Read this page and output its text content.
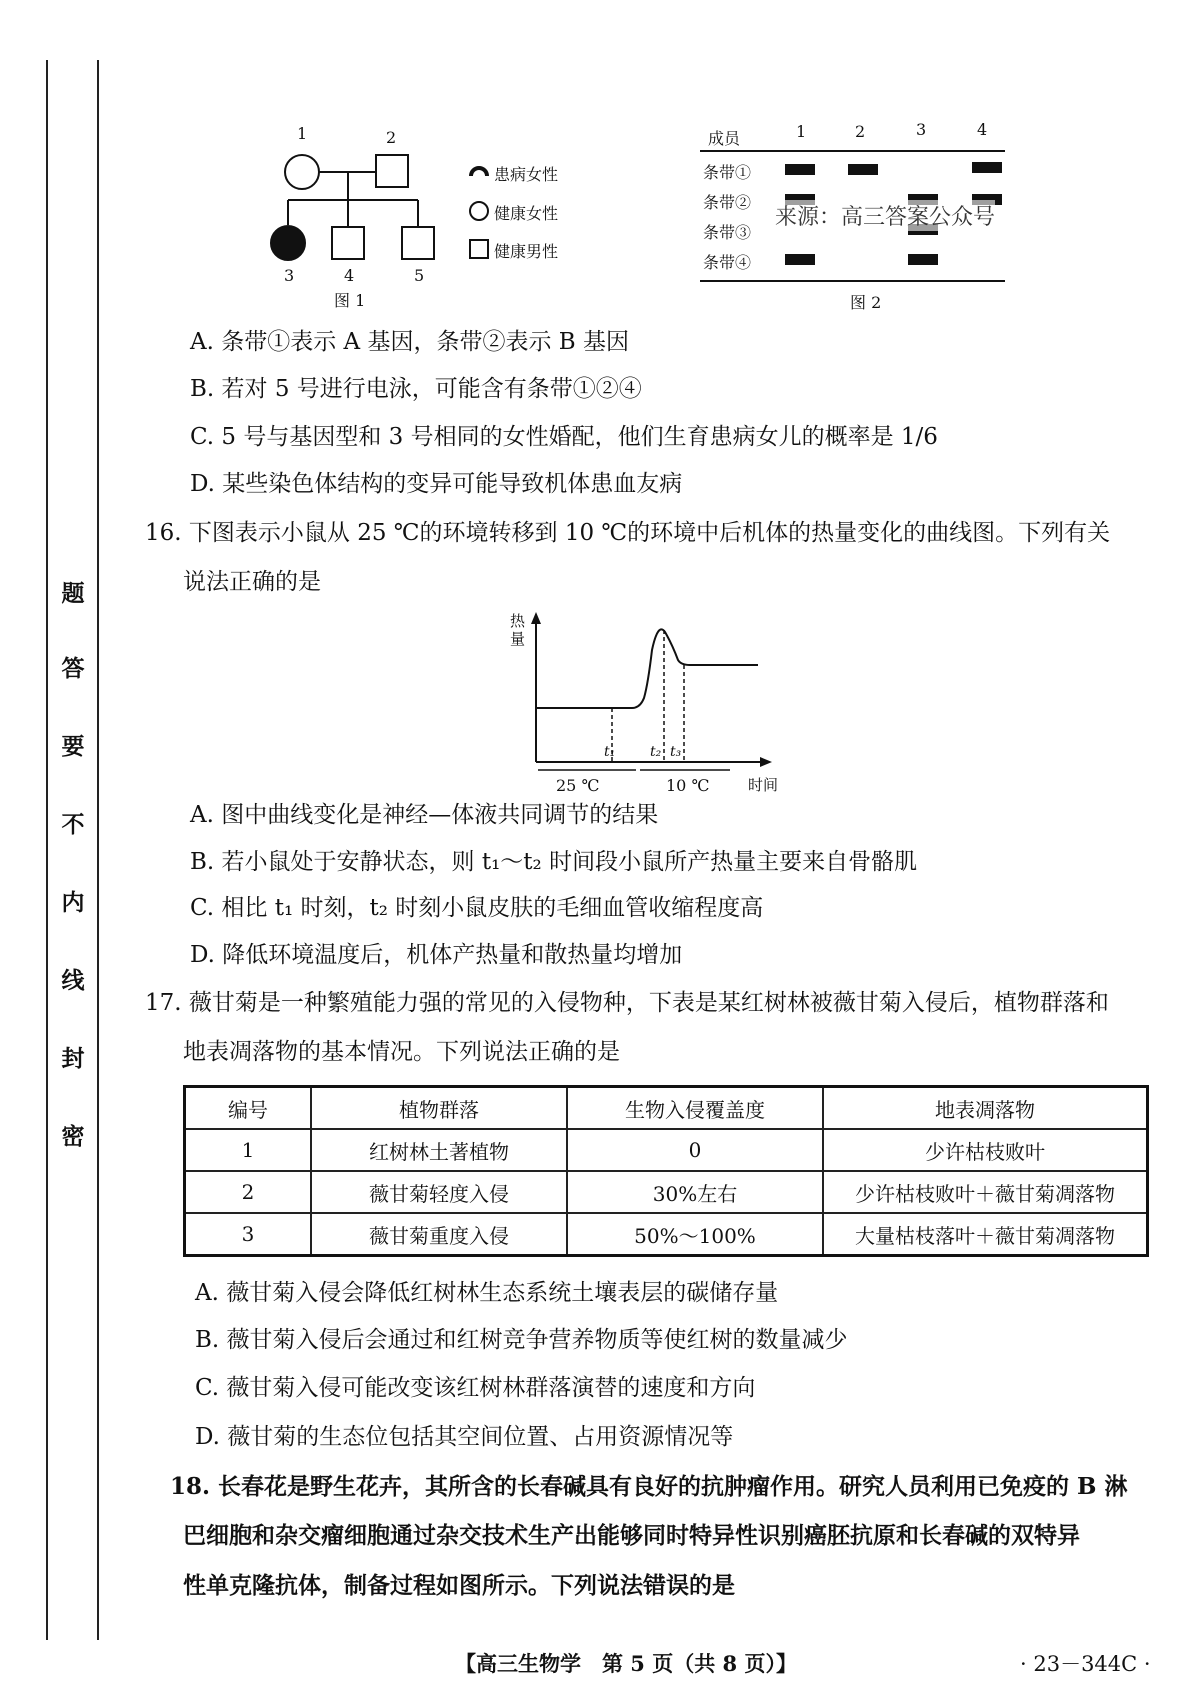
题
答
要
不
内
线
封
密
1	2
3	4	5
图 1
患病女性
健康女性
健康男性
成员	1	2	3	4
条带①
条带②
条带③
条带④
图 2
来源：高三答案公众号
A. 条带①表示 A 基因，条带②表示 B 基因
B. 若对 5 号进行电泳，可能含有条带①②④
C. 5 号与基因型和 3 号相同的女性婚配，他们生育患病女儿的概率是 1/6
D. 某些染色体结构的变异可能导致机体患血友病
16. 下图表示小鼠从 25 ℃的环境转移到 10 ℃的环境中后机体的热量变化的曲线图。下列有关
说法正确的是
热量
时间
t₁ t₂ t₃
25 ℃	10 ℃
A. 图中曲线变化是神经—体液共同调节的结果
B. 若小鼠处于安静状态，则 t₁～t₂ 时间段小鼠所产热量主要来自骨骼肌
C. 相比 t₁ 时刻，t₂ 时刻小鼠皮肤的毛细血管收缩程度高
D. 降低环境温度后，机体产热量和散热量均增加
17. 薇甘菊是一种繁殖能力强的常见的入侵物种，下表是某红树林被薇甘菊入侵后，植物群落和
地表凋落物的基本情况。下列说法正确的是
编号	植物群落	生物入侵覆盖度	地表凋落物
1	红树林土著植物	0	少许枯枝败叶
2	薇甘菊轻度入侵	30%左右	少许枯枝败叶＋薇甘菊凋落物
3	薇甘菊重度入侵	50%～100%	大量枯枝落叶＋薇甘菊凋落物
A. 薇甘菊入侵会降低红树林生态系统土壤表层的碳储存量
B. 薇甘菊入侵后会通过和红树竞争营养物质等使红树的数量减少
C. 薇甘菊入侵可能改变该红树林群落演替的速度和方向
D. 薇甘菊的生态位包括其空间位置、占用资源情况等
18. 长春花是野生花卉，其所含的长春碱具有良好的抗肿瘤作用。研究人员利用已免疫的 B 淋
巴细胞和杂交瘤细胞通过杂交技术生产出能够同时特异性识别癌胚抗原和长春碱的双特异
性单克隆抗体，制备过程如图所示。下列说法错误的是
【高三生物学　第 5 页（共 8 页）】	· 23－344C ·
